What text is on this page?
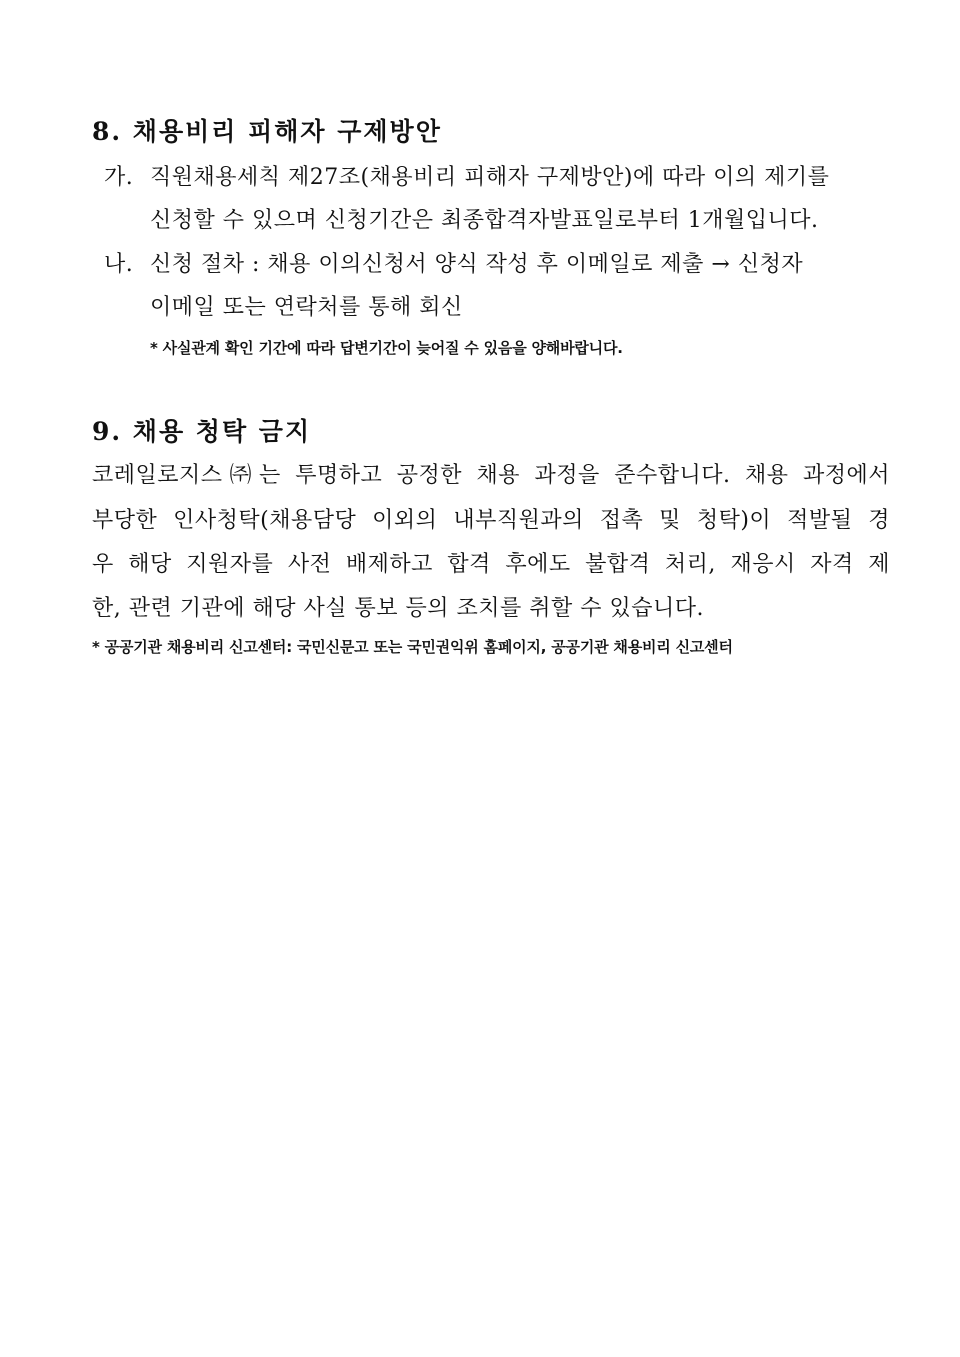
8. 채용비리 피해자 구제방안
가. 직원채용세칙 제27조(채용비리 피해자 구제방안)에 따라 이의 제기를
신청할 수 있으며 신청기간은 최종합격자발표일로부터 1개월입니다.
나. 신청 절차 : 채용 이의신청서 양식 작성 후 이메일로 제출 → 신청자
이메일 또는 연락처를 통해 회신
* 사실관계 확인 기간에 따라 답변기간이 늦어질 수 있음을 양해바랍니다.
9. 채용 청탁 금지
코레일로지스㈜는 투명하고 공정한 채용 과정을 준수합니다. 채용 과정에서
부당한 인사청탁(채용담당 이외의 내부직원과의 접촉 및 청탁)이 적발될 경
우 해당 지원자를 사전 배제하고 합격 후에도 불합격 처리, 재응시 자격 제
한, 관련 기관에 해당 사실 통보 등의 조치를 취할 수 있습니다.
* 공공기관 채용비리 신고센터: 국민신문고 또는 국민권익위 홈페이지, 공공기관 채용비리 신고센터
